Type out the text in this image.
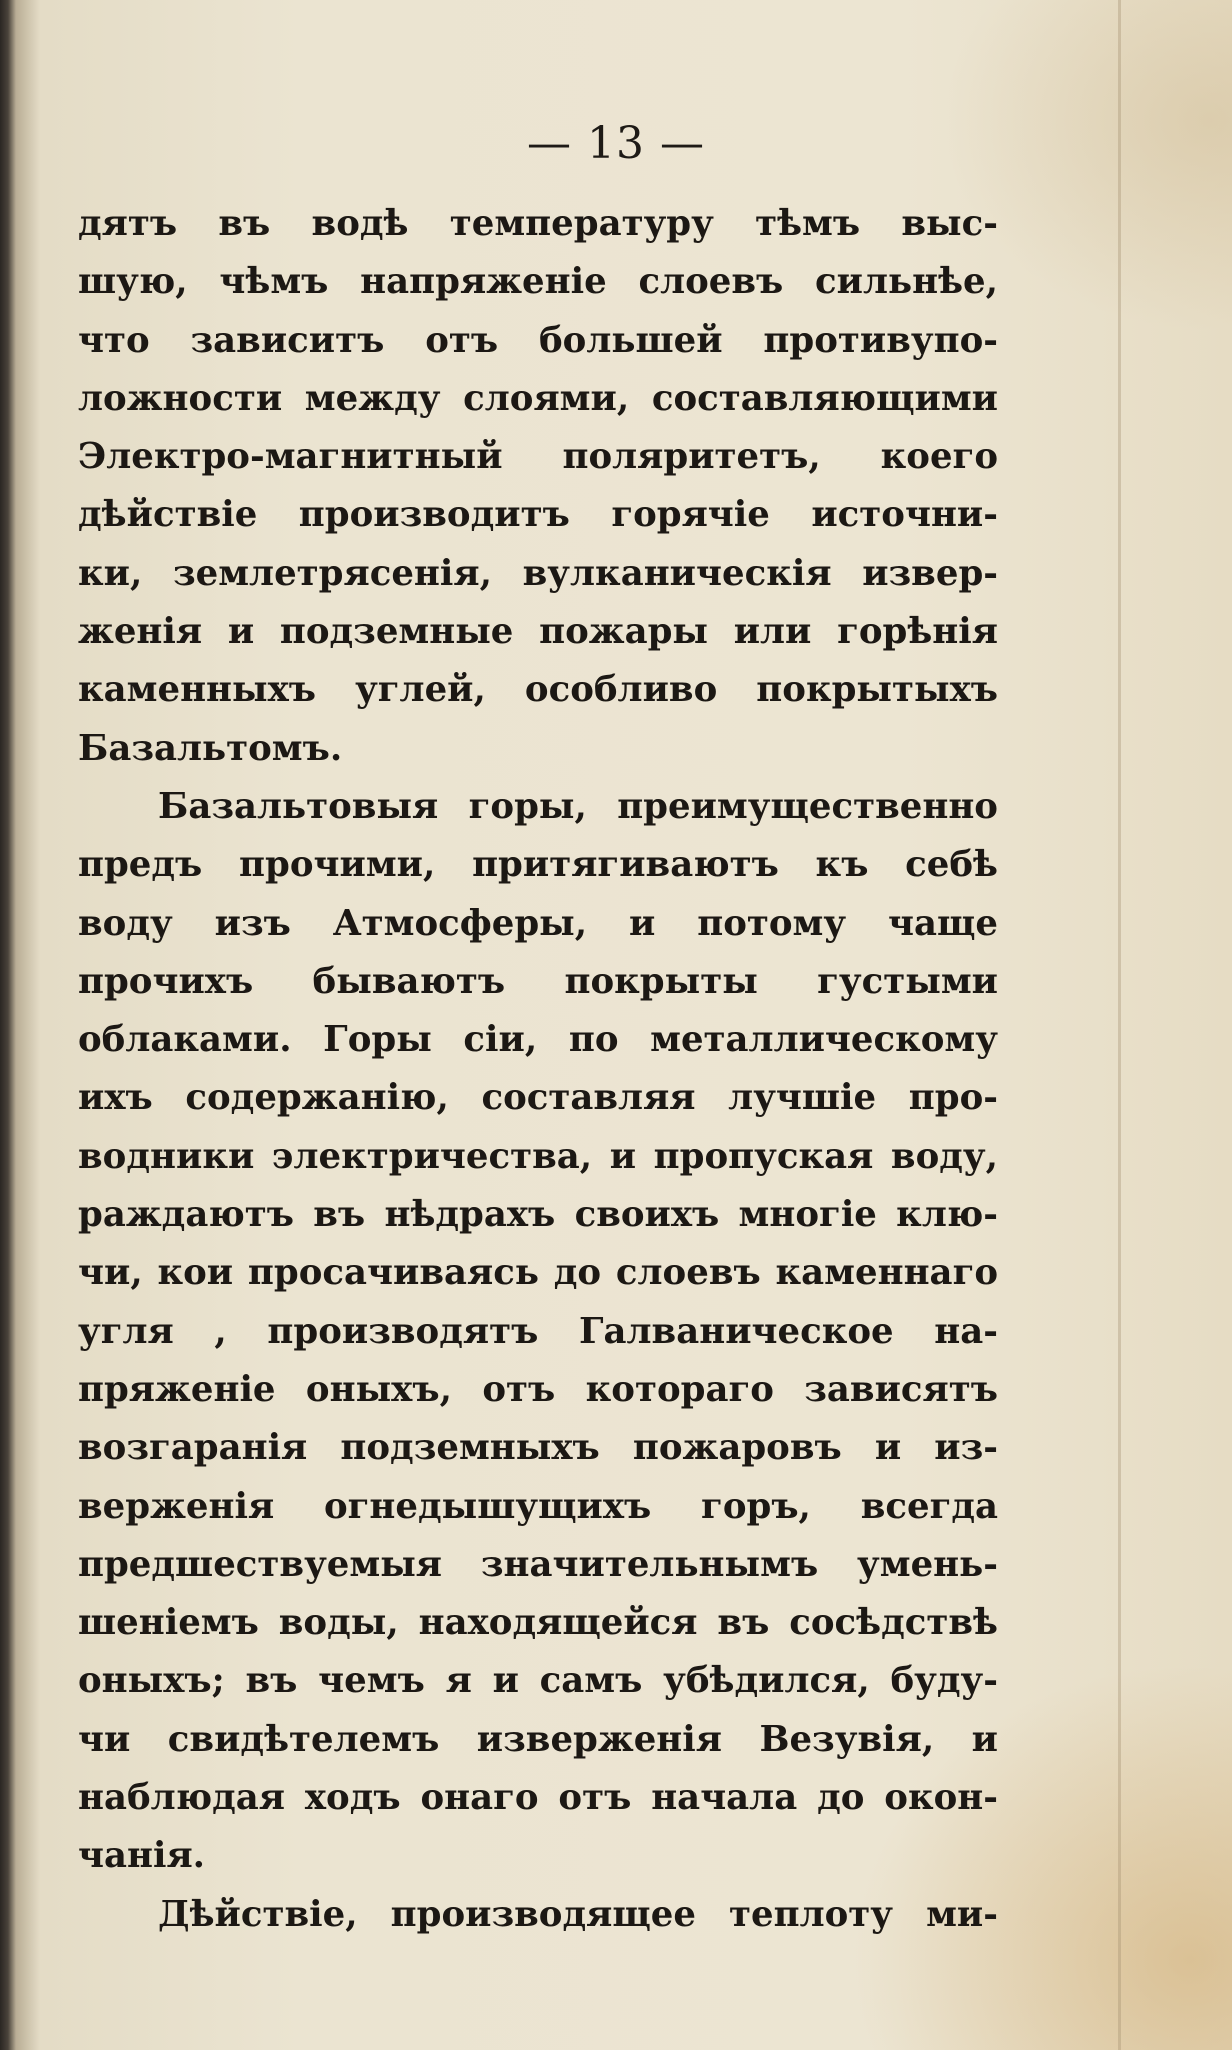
— 13 —
дятъ въ водѣ температуру тѣмъ выс-
шую, чѣмъ напряженіе слоевъ сильнѣе,
что зависитъ отъ большей противупо-
ложности между слоями, составляющими
Электро-магнитный поляритетъ, коего
дѣйствіе производитъ горячіе источни-
ки, землетрясенія, вулканическія извер-
женія и подземные пожары или горѣнія
каменныхъ углей, особливо покрытыхъ
Базальтомъ.
Базальтовыя горы, преимущественно
предъ прочими, притягиваютъ къ себѣ
воду изъ Атмосферы, и потому чаще
прочихъ бываютъ покрыты густыми
облаками. Горы сіи, по металлическому
ихъ содержанію, составляя лучшіе про-
водники электричества, и пропуская воду,
раждаютъ въ нѣдрахъ своихъ многіе клю-
чи, кои просачиваясь до слоевъ каменнаго
угля , производятъ Галваническое на-
пряженіе оныхъ, отъ котораго зависятъ
возгаранія подземныхъ пожаровъ и из-
верженія огнедышущихъ горъ, всегда
предшествуемыя значительнымъ умень-
шеніемъ воды, находящейся въ сосѣдствѣ
оныхъ; въ чемъ я и самъ убѣдился, буду-
чи свидѣтелемъ изверженія Везувія, и
наблюдая ходъ онаго отъ начала до окон-
чанія.
Дѣйствіе, производящее теплоту ми-
